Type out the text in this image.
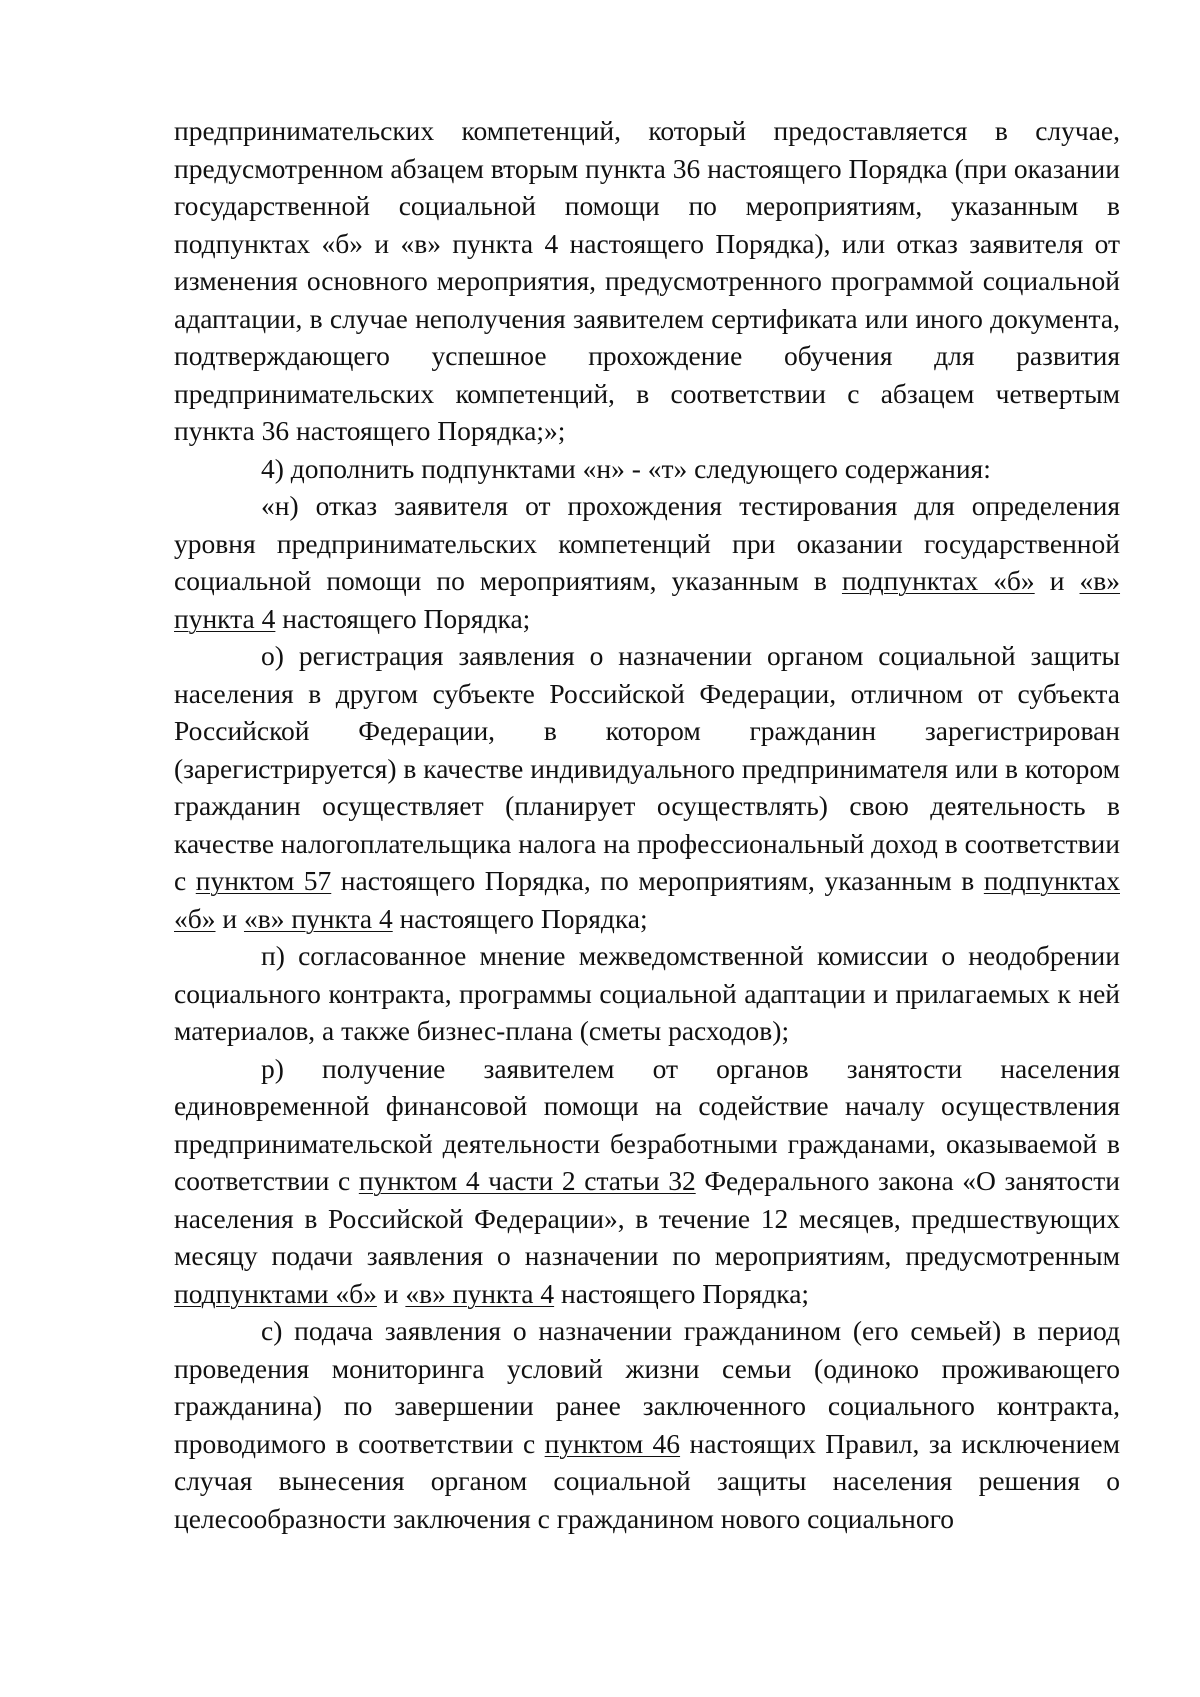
предпринимательских компетенций, который предоставляется в случае, предусмотренном абзацем вторым пункта 36 настоящего Порядка (при оказании государственной социальной помощи по мероприятиям, указанным в подпунктах «б» и «в» пункта 4 настоящего Порядка), или отказ заявителя от изменения основного мероприятия, предусмотренного программой социальной адаптации, в случае неполучения заявителем сертификата или иного документа, подтверждающего успешное прохождение обучения для развития предпринимательских компетенций, в соответствии с абзацем четвертым пункта 36 настоящего Порядка;»;

4) дополнить подпунктами «н» - «т» следующего содержания:

«н) отказ заявителя от прохождения тестирования для определения уровня предпринимательских компетенций при оказании государственной социальной помощи по мероприятиям, указанным в подпунктах «б» и «в» пункта 4 настоящего Порядка;

о) регистрация заявления о назначении органом социальной защиты населения в другом субъекте Российской Федерации, отличном от субъекта Российской Федерации, в котором гражданин зарегистрирован (зарегистрируется) в качестве индивидуального предпринимателя или в котором гражданин осуществляет (планирует осуществлять) свою деятельность в качестве налогоплательщика налога на профессиональный доход в соответствии с пунктом 57 настоящего Порядка, по мероприятиям, указанным в подпунктах «б» и «в» пункта 4 настоящего Порядка;

п) согласованное мнение межведомственной комиссии о неодобрении социального контракта, программы социальной адаптации и прилагаемых к ней материалов, а также бизнес-плана (сметы расходов);

р) получение заявителем от органов занятости населения единовременной финансовой помощи на содействие началу осуществления предпринимательской деятельности безработными гражданами, оказываемой в соответствии с пунктом 4 части 2 статьи 32 Федерального закона «О занятости населения в Российской Федерации», в течение 12 месяцев, предшествующих месяцу подачи заявления о назначении по мероприятиям, предусмотренным подпунктами «б» и «в» пункта 4 настоящего Порядка;

с) подача заявления о назначении гражданином (его семьей) в период проведения мониторинга условий жизни семьи (одиноко проживающего гражданина) по завершении ранее заключенного социального контракта, проводимого в соответствии с пунктом 46 настоящих Правил, за исключением случая вынесения органом социальной защиты населения решения о целесообразности заключения с гражданином нового социального
